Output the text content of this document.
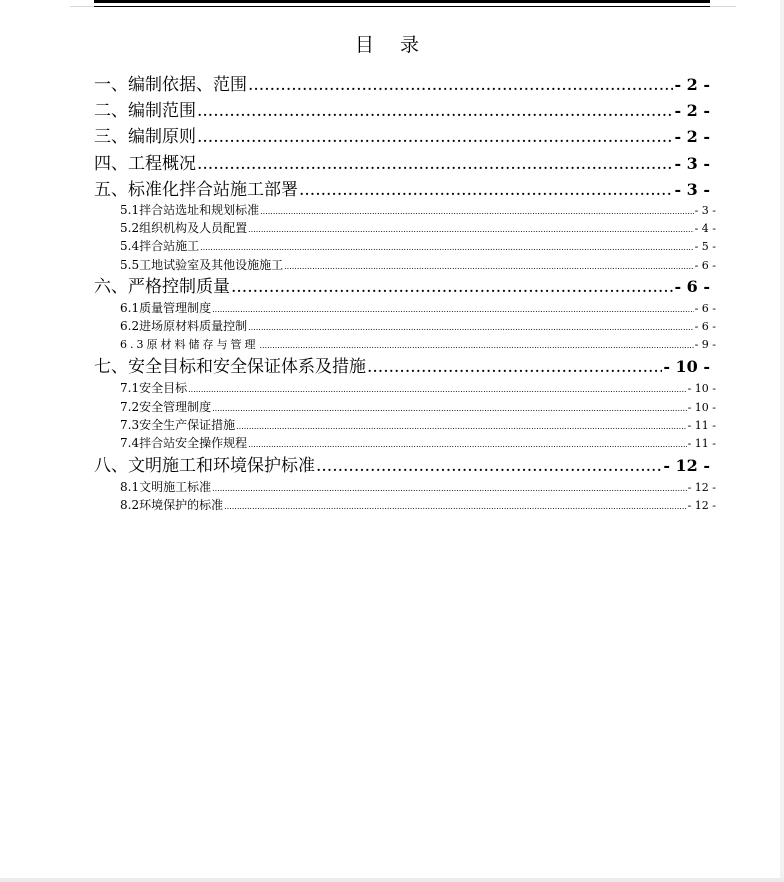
目 录
一、 编制依据、范围 .....	- 2 -
二、 编制范围 .....	- 2 -
三、 编制原则 .....	- 2 -
四、 工程概况 .....	- 3 -
五、 标准化拌合站施工部署 .....	- 3 -
5.1 拌合站选址和规划标准 .....	- 3 -
5.2 组织机构及人员配置 .....	- 4 -
5.4 拌合站施工 .....	- 5 -
5.5 工地试验室及其他设施施工 .....	- 6 -
六、 严格控制质量 .....	- 6 -
6.1 质量管理制度 .....	- 6 -
6.2 进场原材料质量控制 .....	- 6 -
6.3 原材料储存与管理 .....	- 9 -
七、 安全目标和安全保证体系及措施 .....	- 10 -
7.1 安全目标 .....	- 10 -
7.2 安全管理制度 .....	- 10 -
7.3 安全生产保证措施 .....	- 11 -
7.4 拌合站安全操作规程 .....	- 11 -
八、 文明施工和环境保护标准 .....	- 12 -
8.1 文明施工标准 .....	- 12 -
8.2 环境保护的标准 .....	- 12 -
